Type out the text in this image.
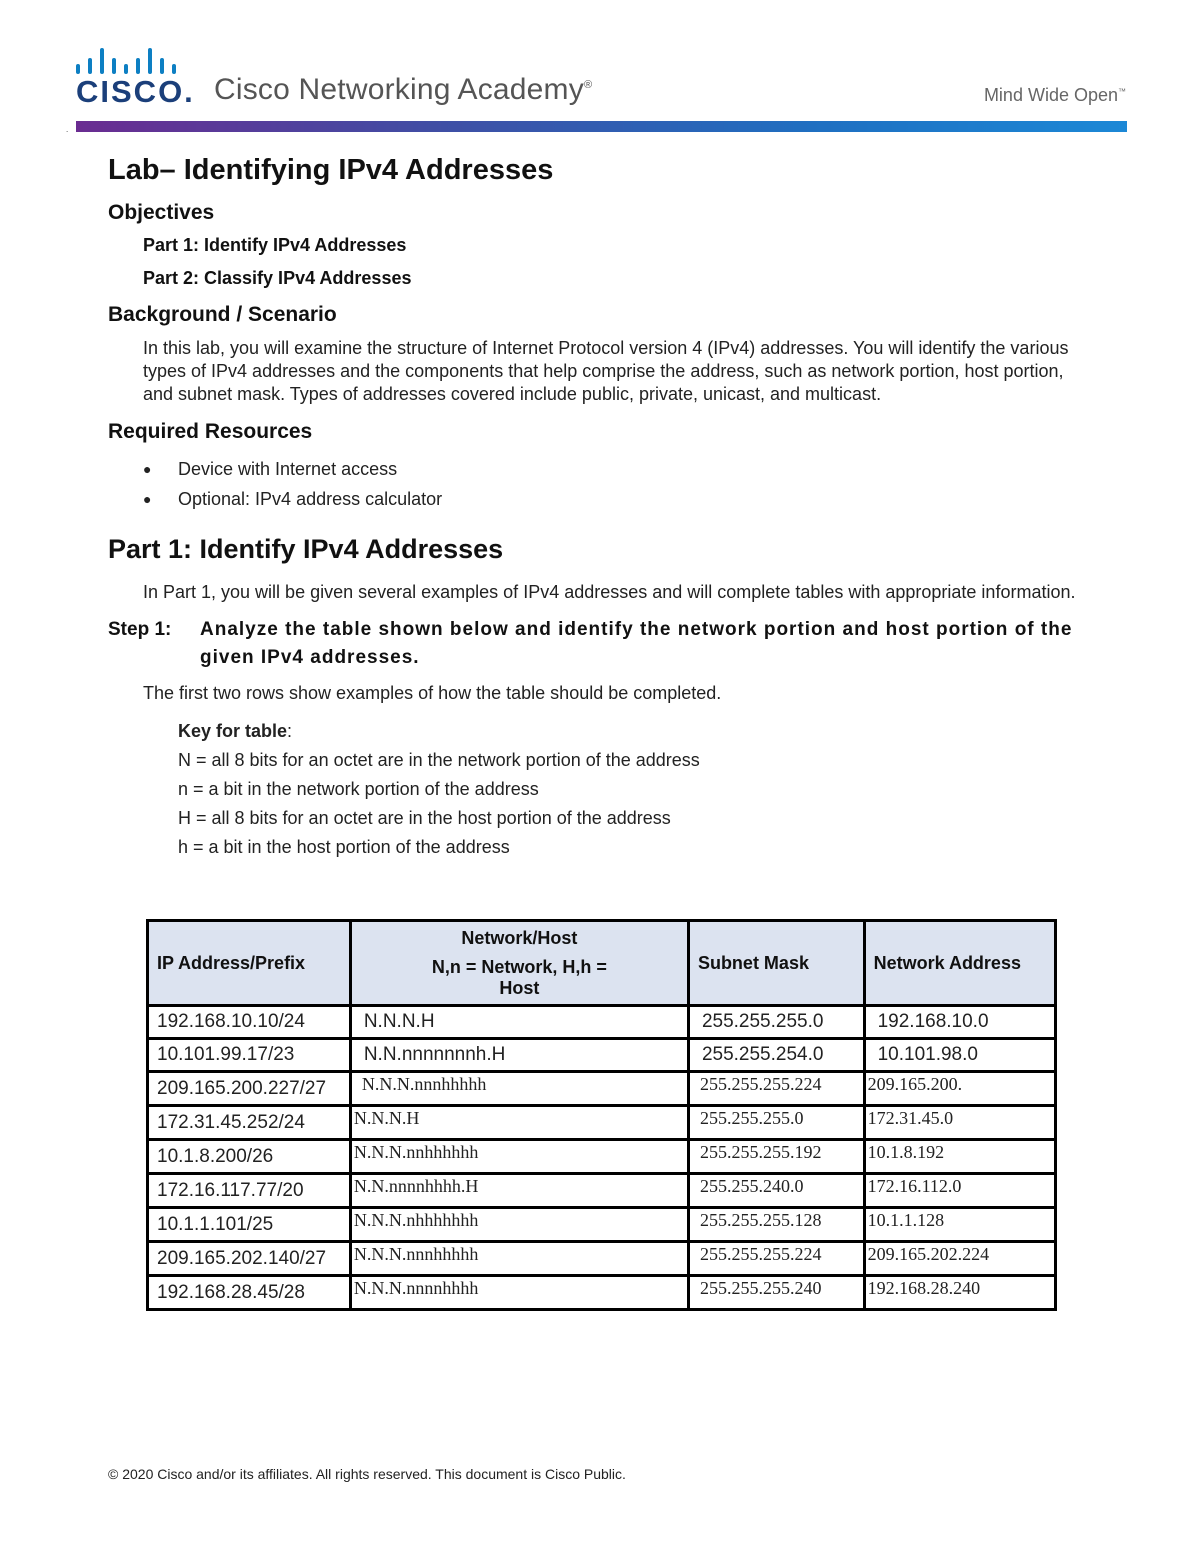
CISCO. Cisco Networking Academy®	Mind Wide Open™
.
Lab– Identifying IPv4 Addresses
Objectives
Part 1: Identify IPv4 Addresses
Part 2: Classify IPv4 Addresses
Background / Scenario
In this lab, you will examine the structure of Internet Protocol version 4 (IPv4) addresses. You will identify the various types of IPv4 addresses and the components that help comprise the address, such as network portion, host portion, and subnet mask. Types of addresses covered include public, private, unicast, and multicast.
Required Resources
● Device with Internet access
● Optional: IPv4 address calculator
Part 1: Identify IPv4 Addresses
In Part 1, you will be given several examples of IPv4 addresses and will complete tables with appropriate information.
Step 1:	Analyze the table shown below and identify the network portion and host portion of the given IPv4 addresses.
The first two rows show examples of how the table should be completed.
Key for table:
N = all 8 bits for an octet are in the network portion of the address
n = a bit in the network portion of the address
H = all 8 bits for an octet are in the host portion of the address
h = a bit in the host portion of the address
IP Address/Prefix	Network/Host
N,n = Network, H,h =
Host	Subnet Mask	Network Address
192.168.10.10/24	N.N.N.H	255.255.255.0	192.168.10.0
10.101.99.17/23	N.N.nnnnnnnh.H	255.255.254.0	10.101.98.0
209.165.200.227/27	N.N.N.nnnhhhhh	255.255.255.224	209.165.200.
172.31.45.252/24	N.N.N.H	255.255.255.0	172.31.45.0
10.1.8.200/26	N.N.N.nnhhhhhh	255.255.255.192	10.1.8.192
172.16.117.77/20	N.N.nnnnhhhh.H	255.255.240.0	172.16.112.0
10.1.1.101/25	N.N.N.nhhhhhhh	255.255.255.128	10.1.1.128
209.165.202.140/27	N.N.N.nnnhhhhh	255.255.255.224	209.165.202.224
192.168.28.45/28	N.N.N.nnnnhhhh	255.255.255.240	192.168.28.240
© 2020 Cisco and/or its affiliates. All rights reserved. This document is Cisco Public.
